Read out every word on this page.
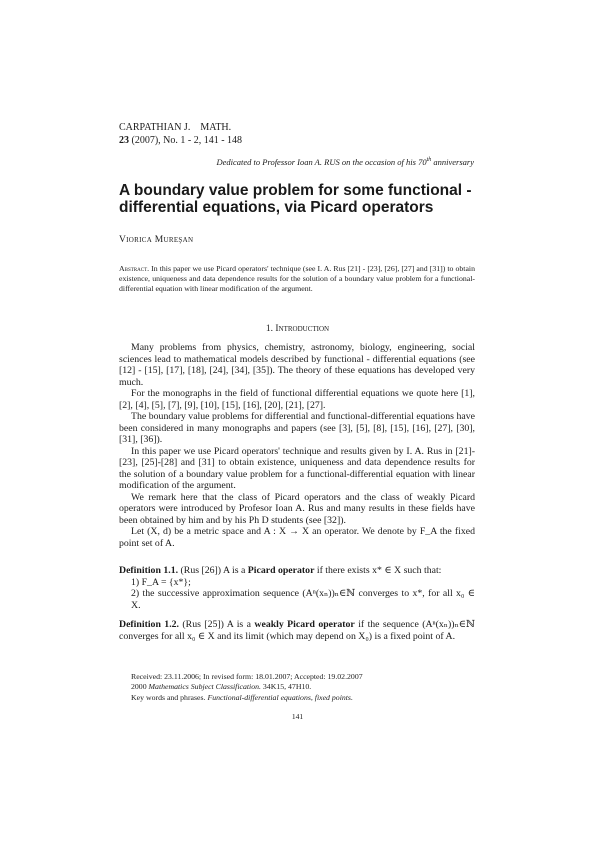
CARPATHIAN J.    MATH.
23 (2007), No. 1 - 2, 141 - 148
Dedicated to Professor Ioan A. RUS on the occasion of his 70th anniversary
A boundary value problem for some functional - differential equations, via Picard operators
Viorica Mureşan
Abstract. In this paper we use Picard operators' technique (see I. A. Rus [21] - [23], [26], [27] and [31]) to obtain existence, uniqueness and data dependence results for the solution of a boundary value problem for a functional-differential equation with linear modification of the argument.
1. Introduction

Many problems from physics, chemistry, astronomy, biology, engineering, social sciences lead to mathematical models described by functional - differential equations (see [12] - [15], [17], [18], [24], [34], [35]). The theory of these equations has developed very much.

For the monographs in the field of functional differential equations we quote here [1], [2], [4], [5], [7], [9], [10], [15], [16], [20], [21], [27].

The boundary value problems for differential and functional-differential equations have been considered in many monographs and papers (see [3], [5], [8], [15], [16], [27], [30], [31], [36]).

In this paper we use Picard operators' technique and results given by I. A. Rus in [21]-[23], [25]-[28] and [31] to obtain existence, uniqueness and data dependence results for the solution of a boundary value problem for a functional-differential equation with linear modification of the argument.

We remark here that the class of Picard operators and the class of weakly Picard operators were introduced by Profesor Ioan A. Rus and many results in these fields have been obtained by him and by his Ph D students (see [32]).

Let (X, d) be a metric space and A : X → X an operator. We denote by F_A the fixed point set of A.

Definition 1.1. (Rus [26]) A is a Picard operator if there exists x* ∈ X such that:

1) F_A = {x*};

2) the successive approximation sequence (Aⁿ(xₙ))ₙ∈ℕ converges to x*, for all x₀ ∈ X.

Definition 1.2. (Rus [25]) A is a weakly Picard operator if the sequence (Aⁿ(xₙ))ₙ∈ℕ converges for all x₀ ∈ X and its limit (which may depend on X₀) is a fixed point of A.

Received: 23.11.2006; In revised form: 18.01.2007; Accepted: 19.02.2007
2000 Mathematics Subject Classification. 34K15, 47H10.
Key words and phrases. Functional-differential equations, fixed points.
141
